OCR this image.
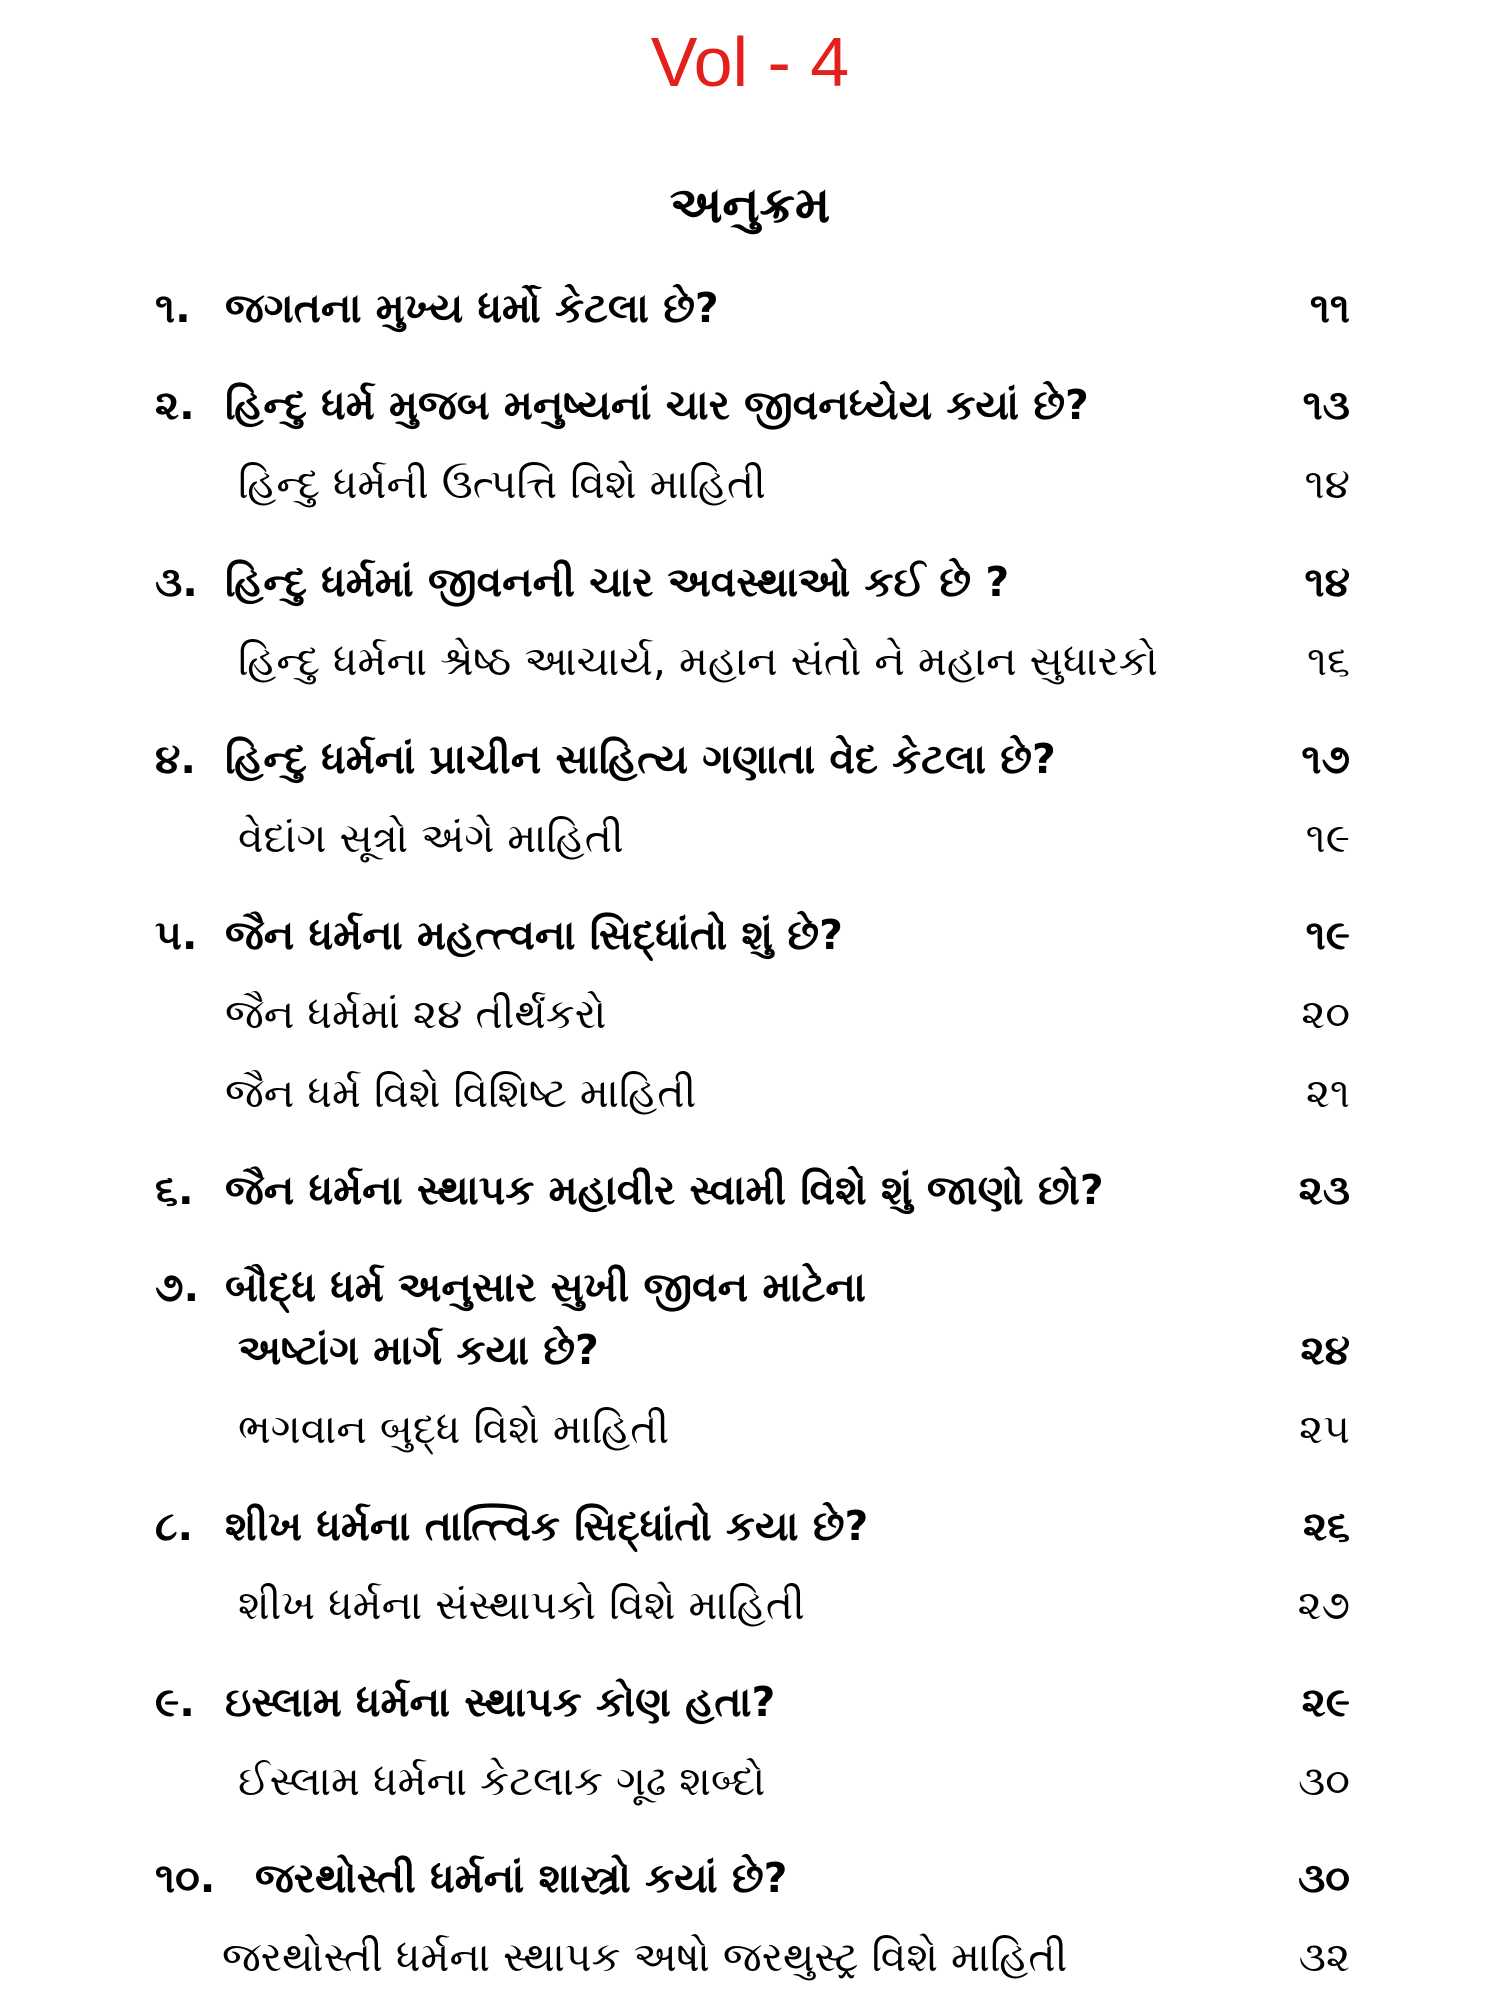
Vol - 4
અનુક્રમ
૧. જગતના મુખ્ય ધર્મો કેટલા છે?	૧૧
૨. હિન્દુ ધર્મ મુજબ મનુષ્યનાં ચાર જીવનધ્યેય કયાં છે?	૧૩
હિન્દુ ધર્મની ઉત્પત્તિ વિશે માહિતી	૧૪
૩. હિન્દુ ધર્મમાં જીવનની ચાર અવસ્થાઓ કઈ છે ?	૧૪
હિન્દુ ધર્મના શ્રેષ્ઠ આચાર્ય, મહાન સંતો ને મહાન સુધારકો	૧૬
૪. હિન્દુ ધર્મનાં પ્રાચીન સાહિત્ય ગણાતા વેદ કેટલા છે?	૧૭
વેદાંગ સૂત્રો અંગે માહિતી	૧૯
૫. જૈન ધર્મના મહત્ત્વના સિદ્ધાંતો શું છે?	૧૯
જૈન ધર્મમાં ૨૪ તીર્થંકરો	૨૦
જૈન ધર્મ વિશે વિશિષ્ટ માહિતી	૨૧
૬. જૈન ધર્મના સ્થાપક મહાવીર સ્વામી વિશે શું જાણો છો?	૨૩
૭. બૌદ્ધ ધર્મ અનુસાર સુખી જીવન માટેના
અષ્ટાંગ માર્ગ કયા છે?	૨૪
ભગવાન બુદ્ધ વિશે માહિતી	૨૫
૮. શીખ ધર્મના તાત્ત્વિક સિદ્ધાંતો કયા છે?	૨૬
શીખ ધર્મના સંસ્થાપકો વિશે માહિતી	૨૭
૯. ઇસ્લામ ધર્મના સ્થાપક કોણ હતા?	૨૯
ઈસ્લામ ધર્મના કેટલાક ગૂઢ શબ્દો	૩૦
૧૦. જરથોસ્તી ધર્મનાં શાસ્ત્રો કયાં છે?	૩૦
જરથોસ્તી ધર્મના સ્થાપક અષો જરથુસ્ટ્ર વિશે માહિતી	૩૨
